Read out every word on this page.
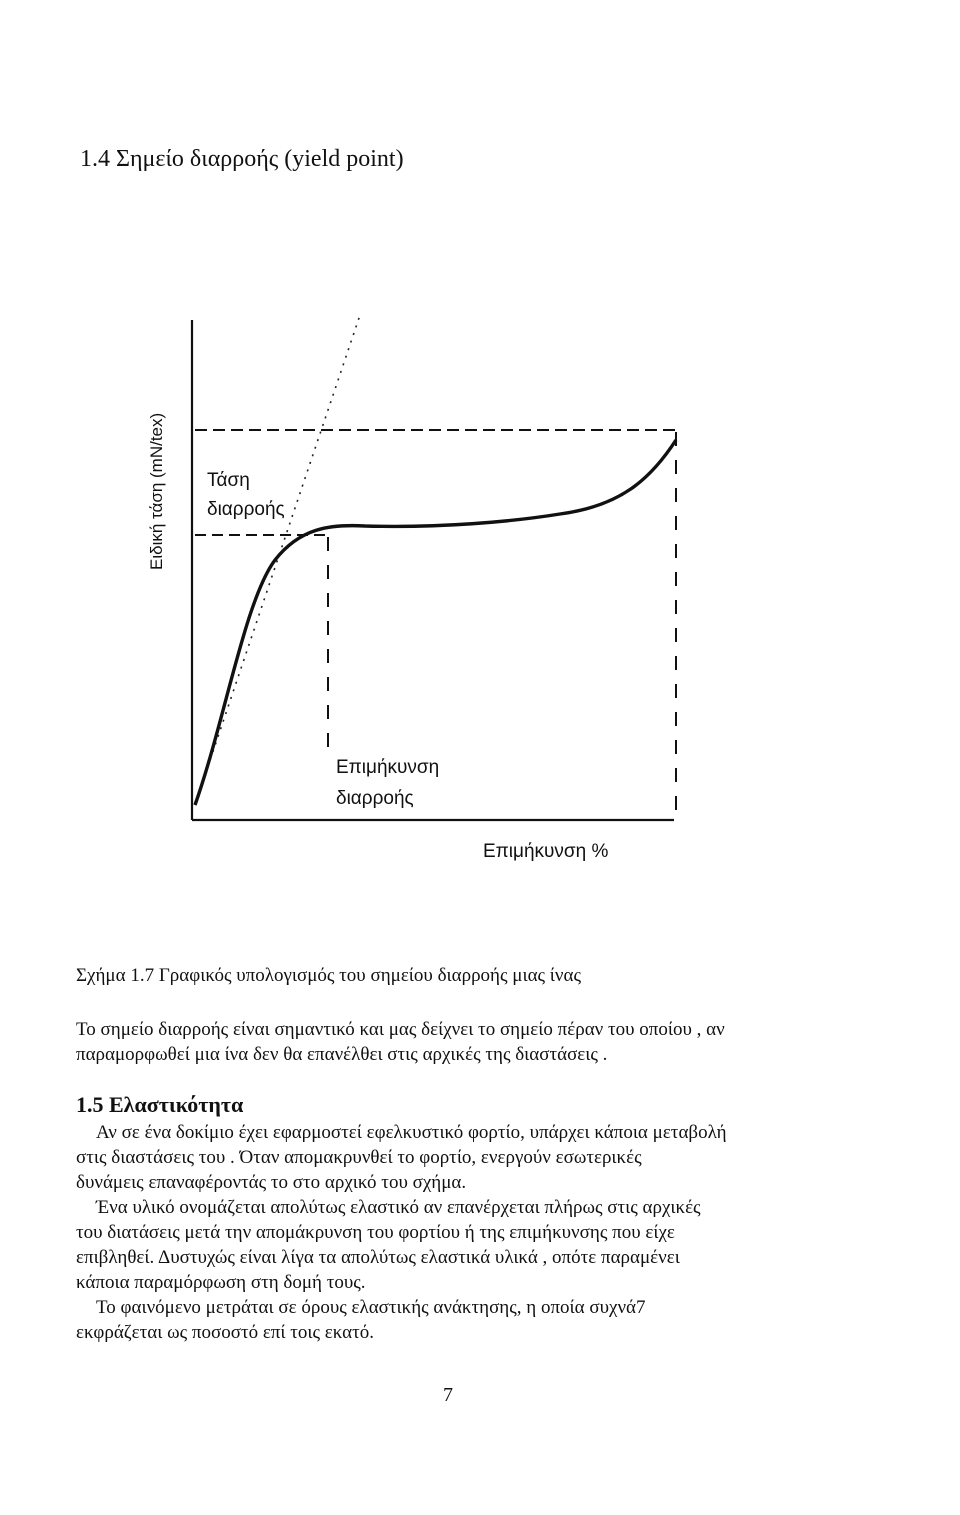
1.4 Σημείο διαρροής (yield point)
Ειδική τάση (mN/tex) Τάση
διαρροής
Επιμήκυνση
διαρροής
Επιμήκυνση %
Σχήμα 1.7 Γραφικός υπολογισμός του σημείου διαρροής μιας ίνας

Το σημείο διαρροής είναι σημαντικό και μας δείχνει το σημείο πέραν του οποίου , αν
παραμορφωθεί μια ίνα δεν θα επανέλθει στις αρχικές της διαστάσεις .

1.5 Ελαστικότητα

Αν σε ένα δοκίμιο έχει εφαρμοστεί εφελκυστικό φορτίο, υπάρχει κάποια μεταβολή
στις διαστάσεις του . Όταν απομακρυνθεί το φορτίο, ενεργούν εσωτερικές
δυνάμεις επαναφέροντάς το στο αρχικό του σχήμα.
Ένα υλικό ονομάζεται απολύτως ελαστικό αν επανέρχεται πλήρως στις αρχικές
του διατάσεις μετά την απομάκρυνση του φορτίου ή της επιμήκυνσης που είχε
επιβληθεί. Δυστυχώς είναι λίγα τα απολύτως ελαστικά υλικά , οπότε παραμένει
κάποια παραμόρφωση στη δομή τους.
Το φαινόμενο μετράται σε όρους ελαστικής ανάκτησης, η οποία συχνά7
εκφράζεται ως ποσοστό επί τοις εκατό.

7
